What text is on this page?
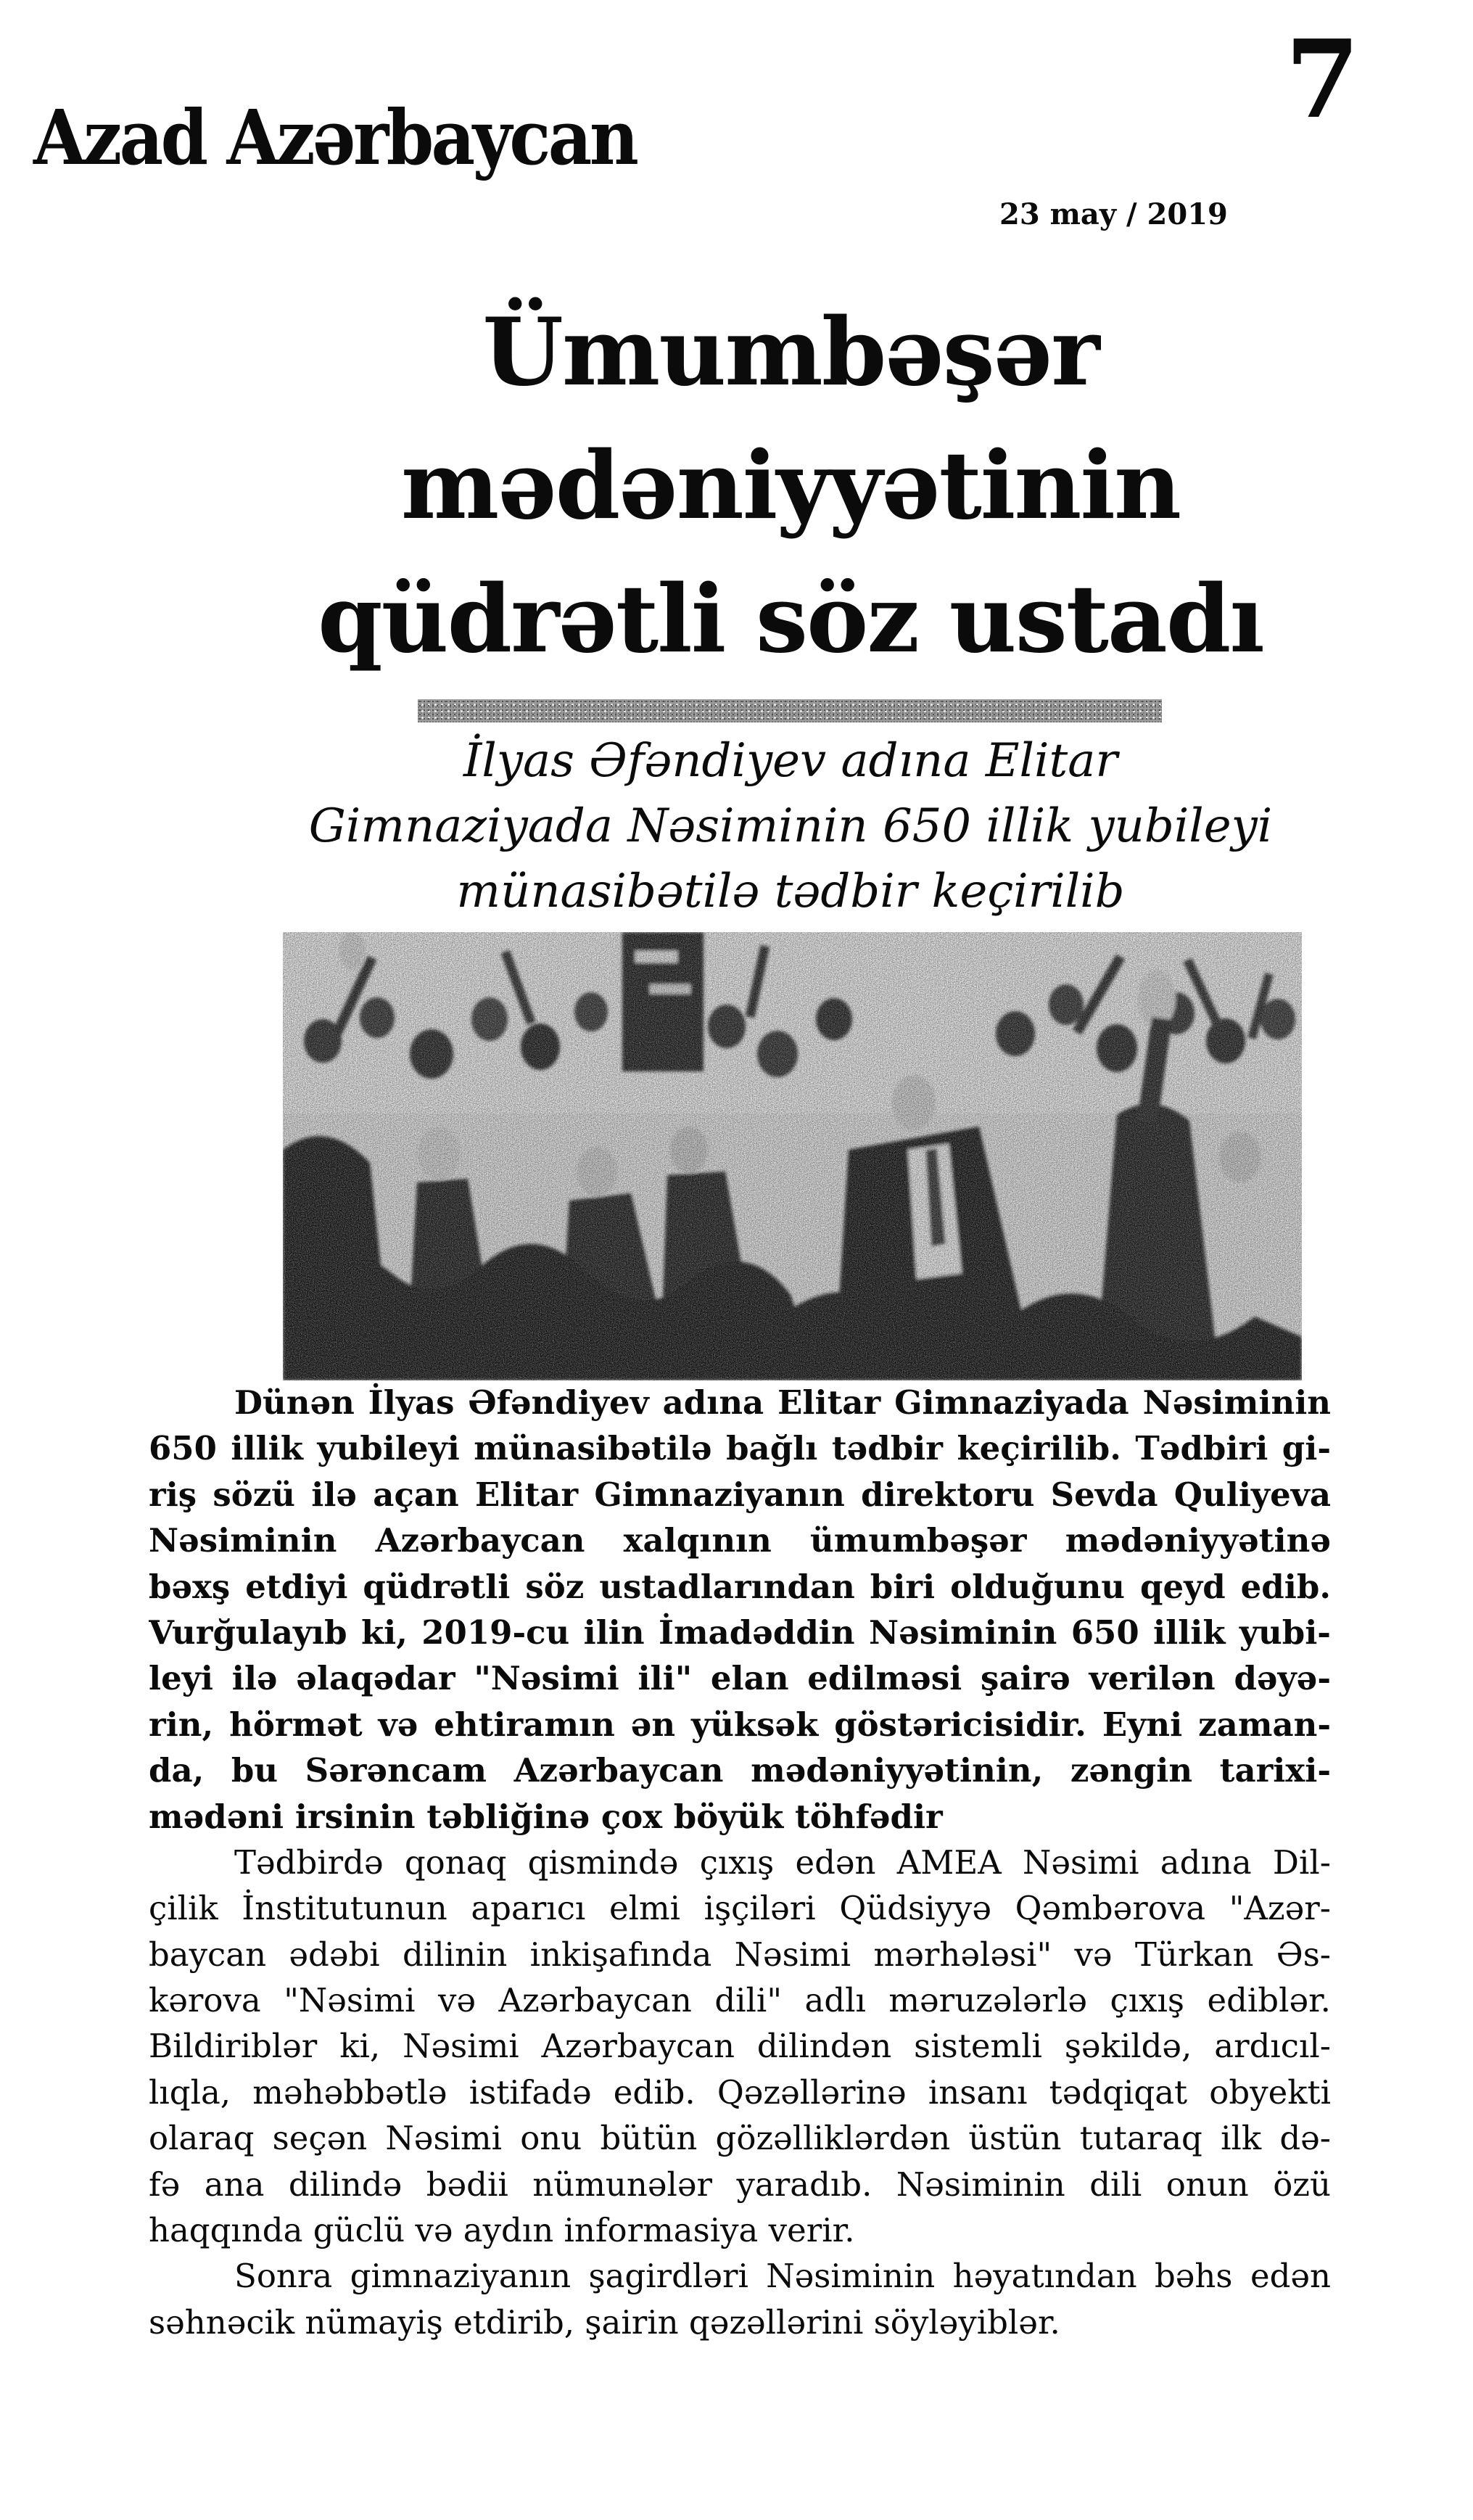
Azad Azərbaycan	7
23 may / 2019
Ümumbəşər
mədəniyyətinin
qüdrətli söz ustadı
İlyas Əfəndiyev adına Elitar
Gimnaziyada Nəsiminin 650 illik yubileyi
münasibətilə tədbir keçirilib
Dünən İlyas Əfəndiyev adına Elitar Gimnaziyada Nəsiminin
650 illik yubileyi münasibətilə bağlı tədbir keçirilib. Tədbiri gi-
riş sözü ilə açan Elitar Gimnaziyanın direktoru Sevda Quliyeva
Nəsiminin Azərbaycan xalqının ümumbəşər mədəniyyətinə
bəxş etdiyi qüdrətli söz ustadlarından biri olduğunu qeyd edib.
Vurğulayıb ki, 2019-cu ilin İmadəddin Nəsiminin 650 illik yubi-
leyi ilə əlaqədar "Nəsimi ili" elan edilməsi şairə verilən dəyə-
rin, hörmət və ehtiramın ən yüksək göstəricisidir. Eyni zaman-
da, bu Sərəncam Azərbaycan mədəniyyətinin, zəngin tarixi-
mədəni irsinin təbliğinə çox böyük töhfədir
Tədbirdə qonaq qismində çıxış edən AMEA Nəsimi adına Dil-
çilik İnstitutunun aparıcı elmi işçiləri Qüdsiyyə Qəmbərova "Azər-
baycan ədəbi dilinin inkişafında Nəsimi mərhələsi" və Türkan Əs-
kərova "Nəsimi və Azərbaycan dili" adlı məruzələrlə çıxış ediblər.
Bildiriblər ki, Nəsimi Azərbaycan dilindən sistemli şəkildə, ardıcıl-
lıqla, məhəbbətlə istifadə edib. Qəzəllərinə insanı tədqiqat obyekti
olaraq seçən Nəsimi onu bütün gözəlliklərdən üstün tutaraq ilk də-
fə ana dilində bədii nümunələr yaradıb. Nəsiminin dili onun özü
haqqında güclü və aydın informasiya verir.
Sonra gimnaziyanın şagirdləri Nəsiminin həyatından bəhs edən
səhnəcik nümayiş etdirib, şairin qəzəllərini söyləyiblər.
